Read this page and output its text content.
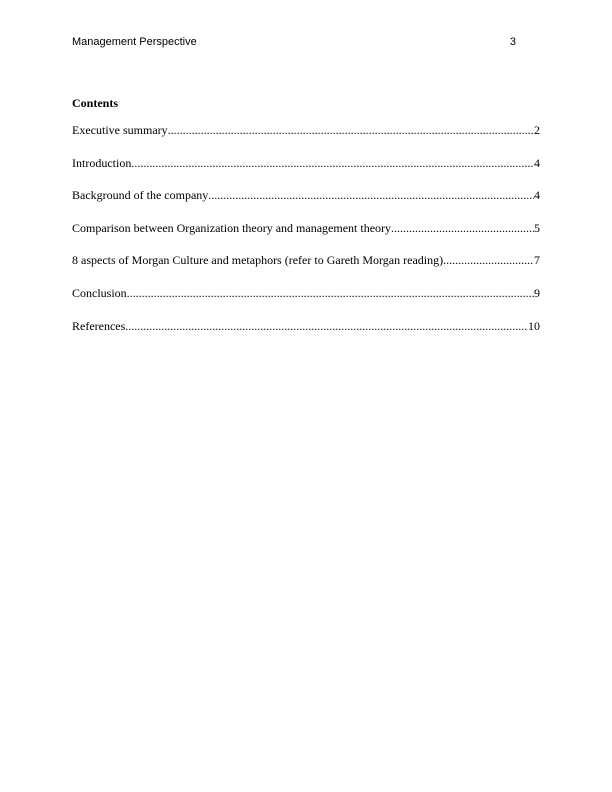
Management Perspective	3
Contents
Executive summary .....	2
Introduction .....	4
Background of the company .....	4
Comparison between Organization theory and management theory .....	5
8 aspects of Morgan Culture and metaphors (refer to Gareth Morgan reading) .....	7
Conclusion .....	9
References .....	10
